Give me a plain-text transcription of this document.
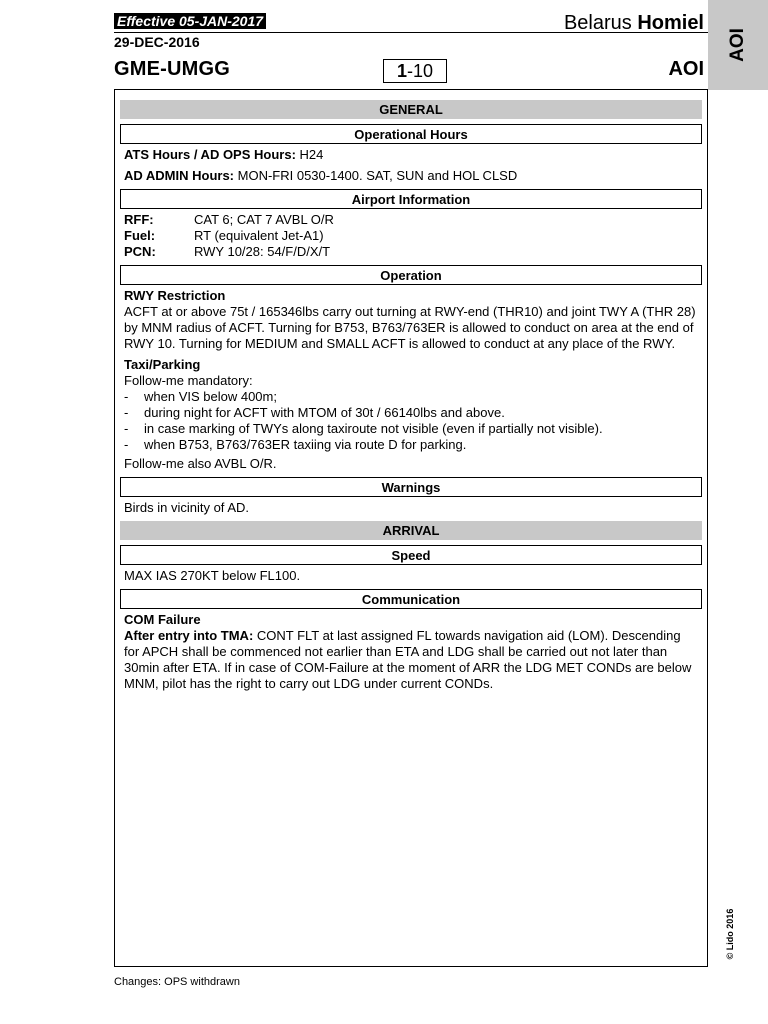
Effective 05-JAN-2017
29-DEC-2016
GME-UMGG
Belarus Homiel
1 -10	AOI
AOI
GENERAL
Operational Hours
ATS Hours / AD OPS Hours: H24
AD ADMIN Hours: MON-FRI 0530-1400. SAT, SUN and HOL CLSD
Airport Information
RFF:	CAT 6; CAT 7 AVBL O/R
Fuel:	RT (equivalent Jet-A1)
PCN:	RWY 10/28: 54/F/D/X/T
Operation
RWY Restriction
ACFT at or above 75t / 165346lbs carry out turning at RWY-end (THR10) and joint TWY A (THR 28) by MNM radius of ACFT. Turning for B753, B763/763ER is allowed to conduct on area at the end of RWY 10. Turning for MEDIUM and SMALL ACFT is allowed to conduct at any place of the RWY.
Taxi/Parking
Follow-me mandatory:
- when VIS below 400m;
- during night for ACFT with MTOM of 30t / 66140lbs and above.
- in case marking of TWYs along taxiroute not visible (even if partially not visible).
- when B753, B763/763ER taxiing via route D for parking.
Follow-me also AVBL O/R.
Warnings
Birds in vicinity of AD.
ARRIVAL
Speed
MAX IAS 270KT below FL100.
Communication
COM Failure
After entry into TMA: CONT FLT at last assigned FL towards navigation aid (LOM). Descending for APCH shall be commenced not earlier than ETA and LDG shall be carried out not later than 30min after ETA. If in case of COM-Failure at the moment of ARR the LDG MET CONDs are below MNM, pilot has the right to carry out LDG under current CONDs.
© Lido 2016
Changes: OPS withdrawn
